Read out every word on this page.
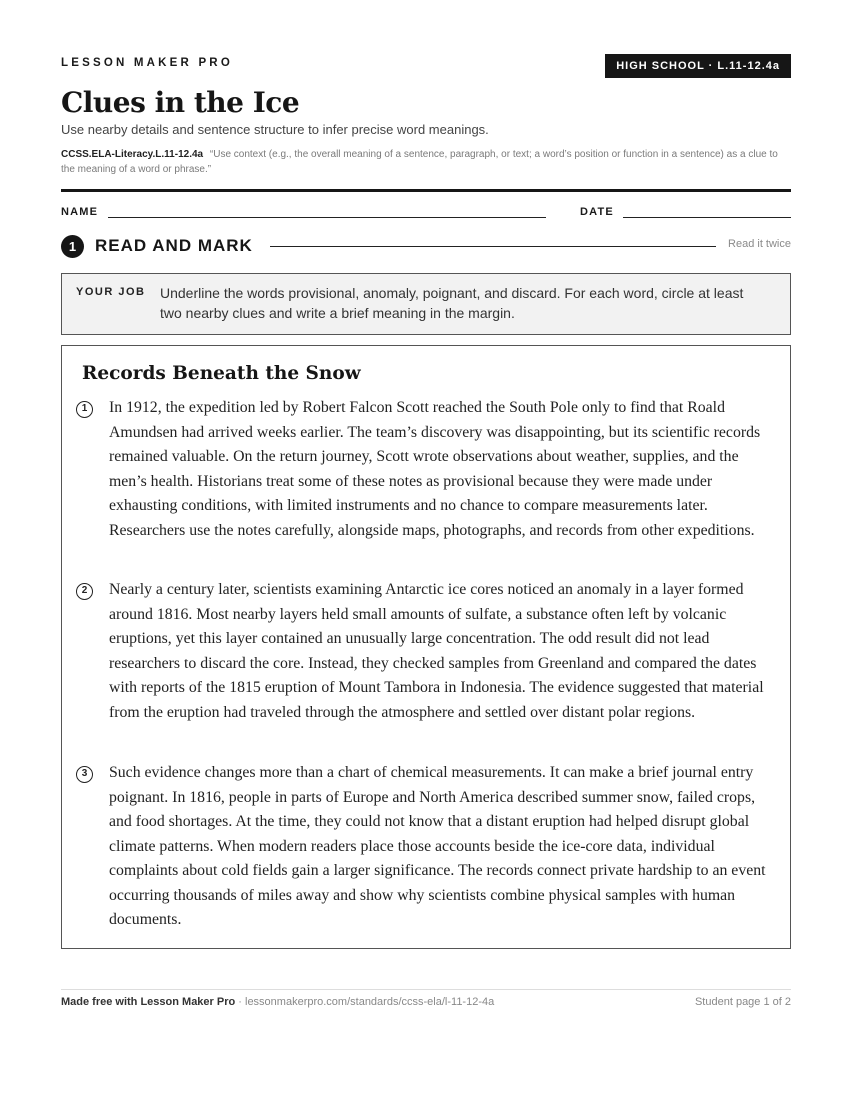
LESSON MAKER PRO	HIGH SCHOOL · L.11-12.4a
Clues in the Ice
Use nearby details and sentence structure to infer precise word meanings.
CCSS.ELA-Literacy.L.11-12.4a “Use context (e.g., the overall meaning of a sentence, paragraph, or text; a word’s position or function in a sentence) as a clue to the meaning of a word or phrase.”
NAME	DATE
1	READ AND MARK	Read it twice
YOUR JOB Underline the words provisional, anomaly, poignant, and discard. For each word, circle at least two nearby clues and write a brief meaning in the margin.
Records Beneath the Snow
1	In 1912, the expedition led by Robert Falcon Scott reached the South Pole only to find that Roald Amundsen had arrived weeks earlier. The team’s discovery was disappointing, but its scientific records remained valuable. On the return journey, Scott wrote observations about weather, supplies, and the men’s health. Historians treat some of these notes as provisional because they were made under exhausting conditions, with limited instruments and no chance to compare measurements later. Researchers use the notes carefully, alongside maps, photographs, and records from other expeditions.

2	Nearly a century later, scientists examining Antarctic ice cores noticed an anomaly in a layer formed around 1816. Most nearby layers held small amounts of sulfate, a substance often left by volcanic eruptions, yet this layer contained an unusually large concentration. The odd result did not lead researchers to discard the core. Instead, they checked samples from Greenland and compared the dates with reports of the 1815 eruption of Mount Tambora in Indonesia. The evidence suggested that material from the eruption had traveled through the atmosphere and settled over distant polar regions.

3	Such evidence changes more than a chart of chemical measurements. It can make a brief journal entry poignant. In 1816, people in parts of Europe and North America described summer snow, failed crops, and food shortages. At the time, they could not know that a distant eruption had helped disrupt global climate patterns. When modern readers place those accounts beside the ice-core data, individual complaints about cold fields gain a larger significance. The records connect private hardship to an event occurring thousands of miles away and show why scientists combine physical samples with human documents.

Made free with Lesson Maker Pro · lessonmakerpro.com/standards/ccss-ela/l-11-12-4a	Student page 1 of 2
